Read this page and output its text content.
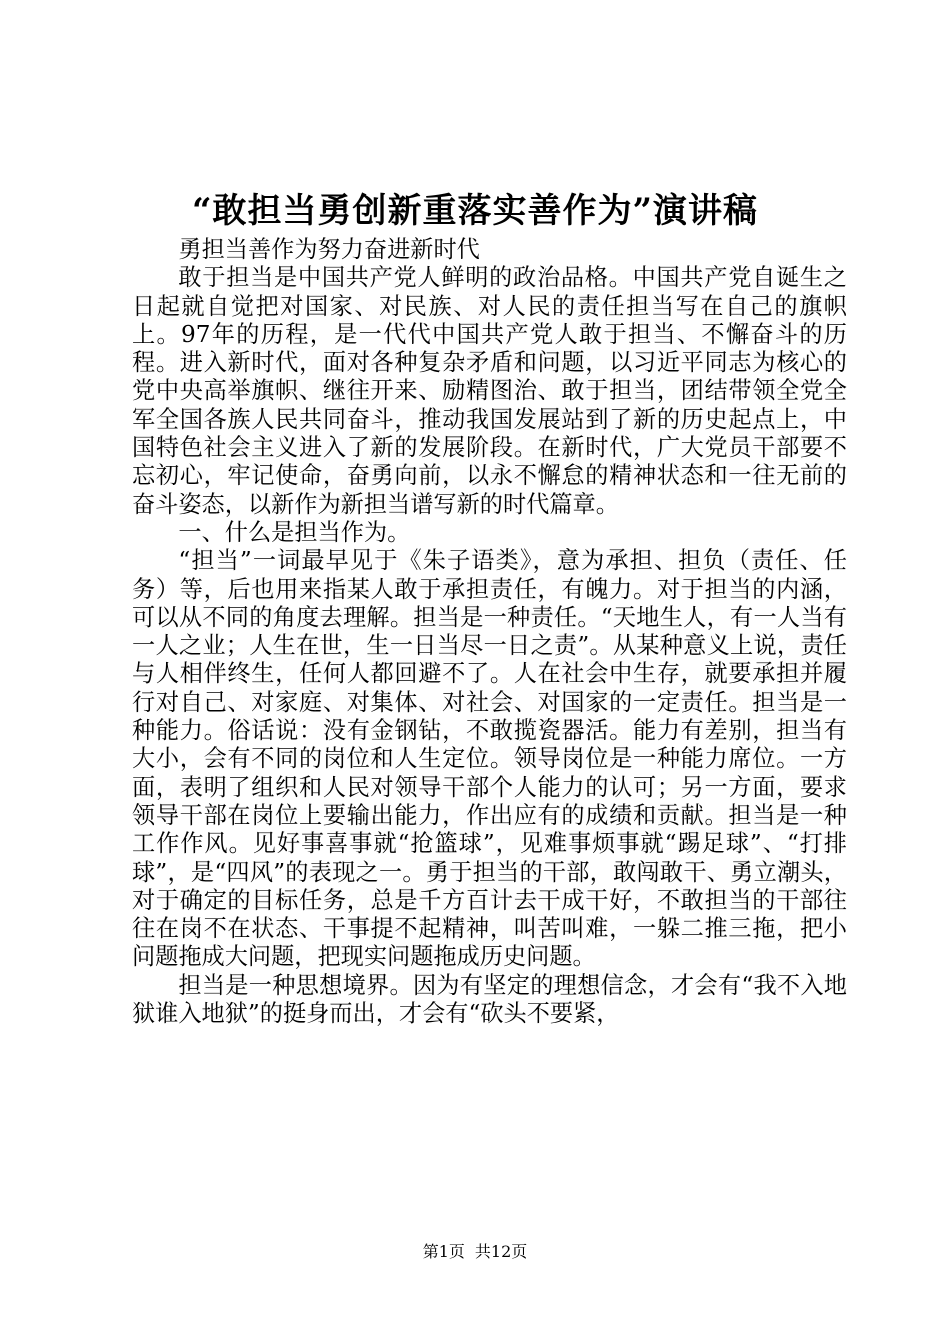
“敢担当勇创新重落实善作为”演讲稿

勇担当善作为努力奋进新时代

敢于担当是中国共产党人鲜明的政治品格。中国共产党自诞生之日起就自觉把对国家、对民族、对人民的责任担当写在自己的旗帜上。97年的历程，是一代代中国共产党人敢于担当、不懈奋斗的历程。进入新时代，面对各种复杂矛盾和问题，以习近平同志为核心的党中央高举旗帜、继往开来、励精图治、敢于担当，团结带领全党全军全国各族人民共同奋斗，推动我国发展站到了新的历史起点上，中国特色社会主义进入了新的发展阶段。在新时代，广大党员干部要不忘初心，牢记使命，奋勇向前，以永不懈怠的精神状态和一往无前的奋斗姿态，以新作为新担当谱写新的时代篇章。

一、什么是担当作为。

“担当”一词最早见于《朱子语类》，意为承担、担负（责任、任务）等，后也用来指某人敢于承担责任，有魄力。对于担当的内涵，可以从不同的角度去理解。担当是一种责任。“天地生人，有一人当有一人之业；人生在世，生一日当尽一日之责”。从某种意义上说，责任与人相伴终生，任何人都回避不了。人在社会中生存，就要承担并履行对自己、对家庭、对集体、对社会、对国家的一定责任。担当是一种能力。俗话说：没有金钢钻，不敢揽瓷器活。能力有差别，担当有大小，会有不同的岗位和人生定位。领导岗位是一种能力席位。一方面，表明了组织和人民对领导干部个人能力的认可；另一方面，要求领导干部在岗位上要输出能力，作出应有的成绩和贡献。担当是一种工作作风。见好事喜事就“抢篮球”，见难事烦事就“踢足球”、“打排球”，是“四风”的表现之一。勇于担当的干部，敢闯敢干、勇立潮头，对于确定的目标任务，总是千方百计去干成干好，不敢担当的干部往往在岗不在状态、干事提不起精神，叫苦叫难，一躲二推三拖，把小问题拖成大问题，把现实问题拖成历史问题。

担当是一种思想境界。因为有坚定的理想信念，才会有“我不入地狱谁入地狱”的挺身而出，才会有“砍头不要紧，

第1页 共12页
